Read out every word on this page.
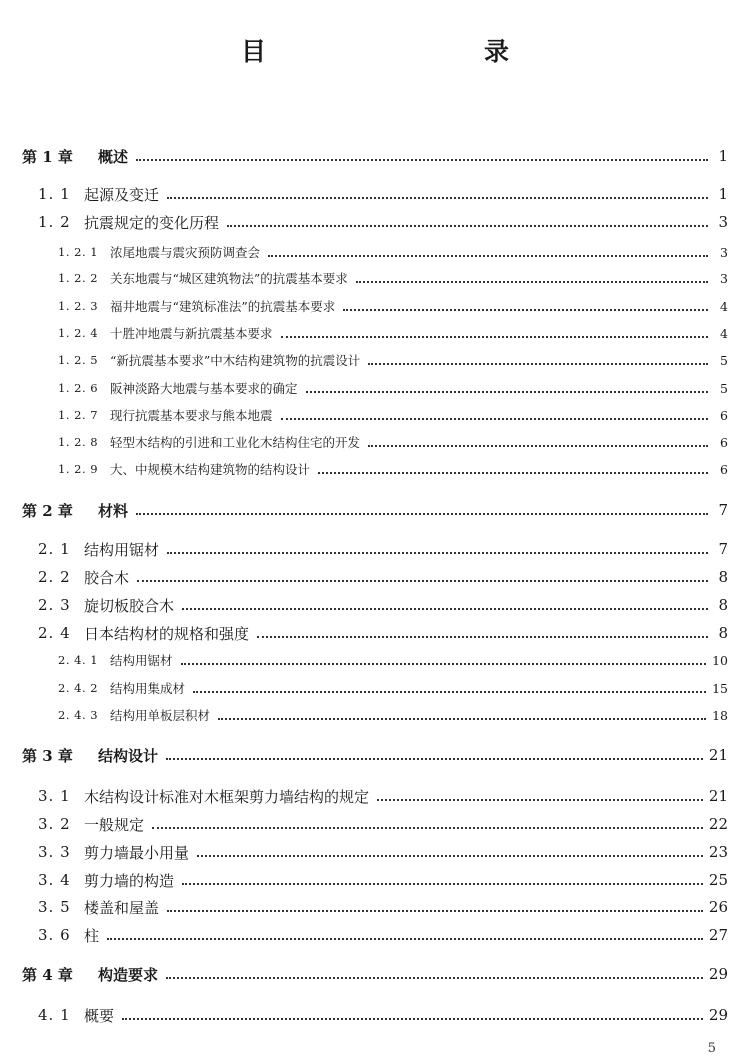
目　　录
第 1 章	概述	1
1. 1 起源及变迁	1
1. 2 抗震规定的变化历程	3
1. 2. 1 浓尾地震与震灾预防调查会	3
1. 2. 2 关东地震与“城区建筑物法”的抗震基本要求	3
1. 2. 3 福井地震与“建筑标准法”的抗震基本要求	4
1. 2. 4 十胜冲地震与新抗震基本要求	4
1. 2. 5 “新抗震基本要求”中木结构建筑物的抗震设计	5
1. 2. 6 阪神淡路大地震与基本要求的确定	5
1. 2. 7 现行抗震基本要求与熊本地震	6
1. 2. 8 轻型木结构的引进和工业化木结构住宅的开发	6
1. 2. 9 大、中规模木结构建筑物的结构设计	6
第 2 章	材料	7
2. 1 结构用锯材	7
2. 2 胶合木	8
2. 3 旋切板胶合木	8
2. 4 日本结构材的规格和强度	8
2. 4. 1 结构用锯材	10
2. 4. 2 结构用集成材	15
2. 4. 3 结构用单板层积材	18
第 3 章	结构设计	21
3. 1 木结构设计标准对木框架剪力墙结构的规定	21
3. 2 一般规定	22
3. 3 剪力墙最小用量	23
3. 4 剪力墙的构造	25
3. 5 楼盖和屋盖	26
3. 6 柱	27
第 4 章	构造要求	29
4. 1 概要	29
5
